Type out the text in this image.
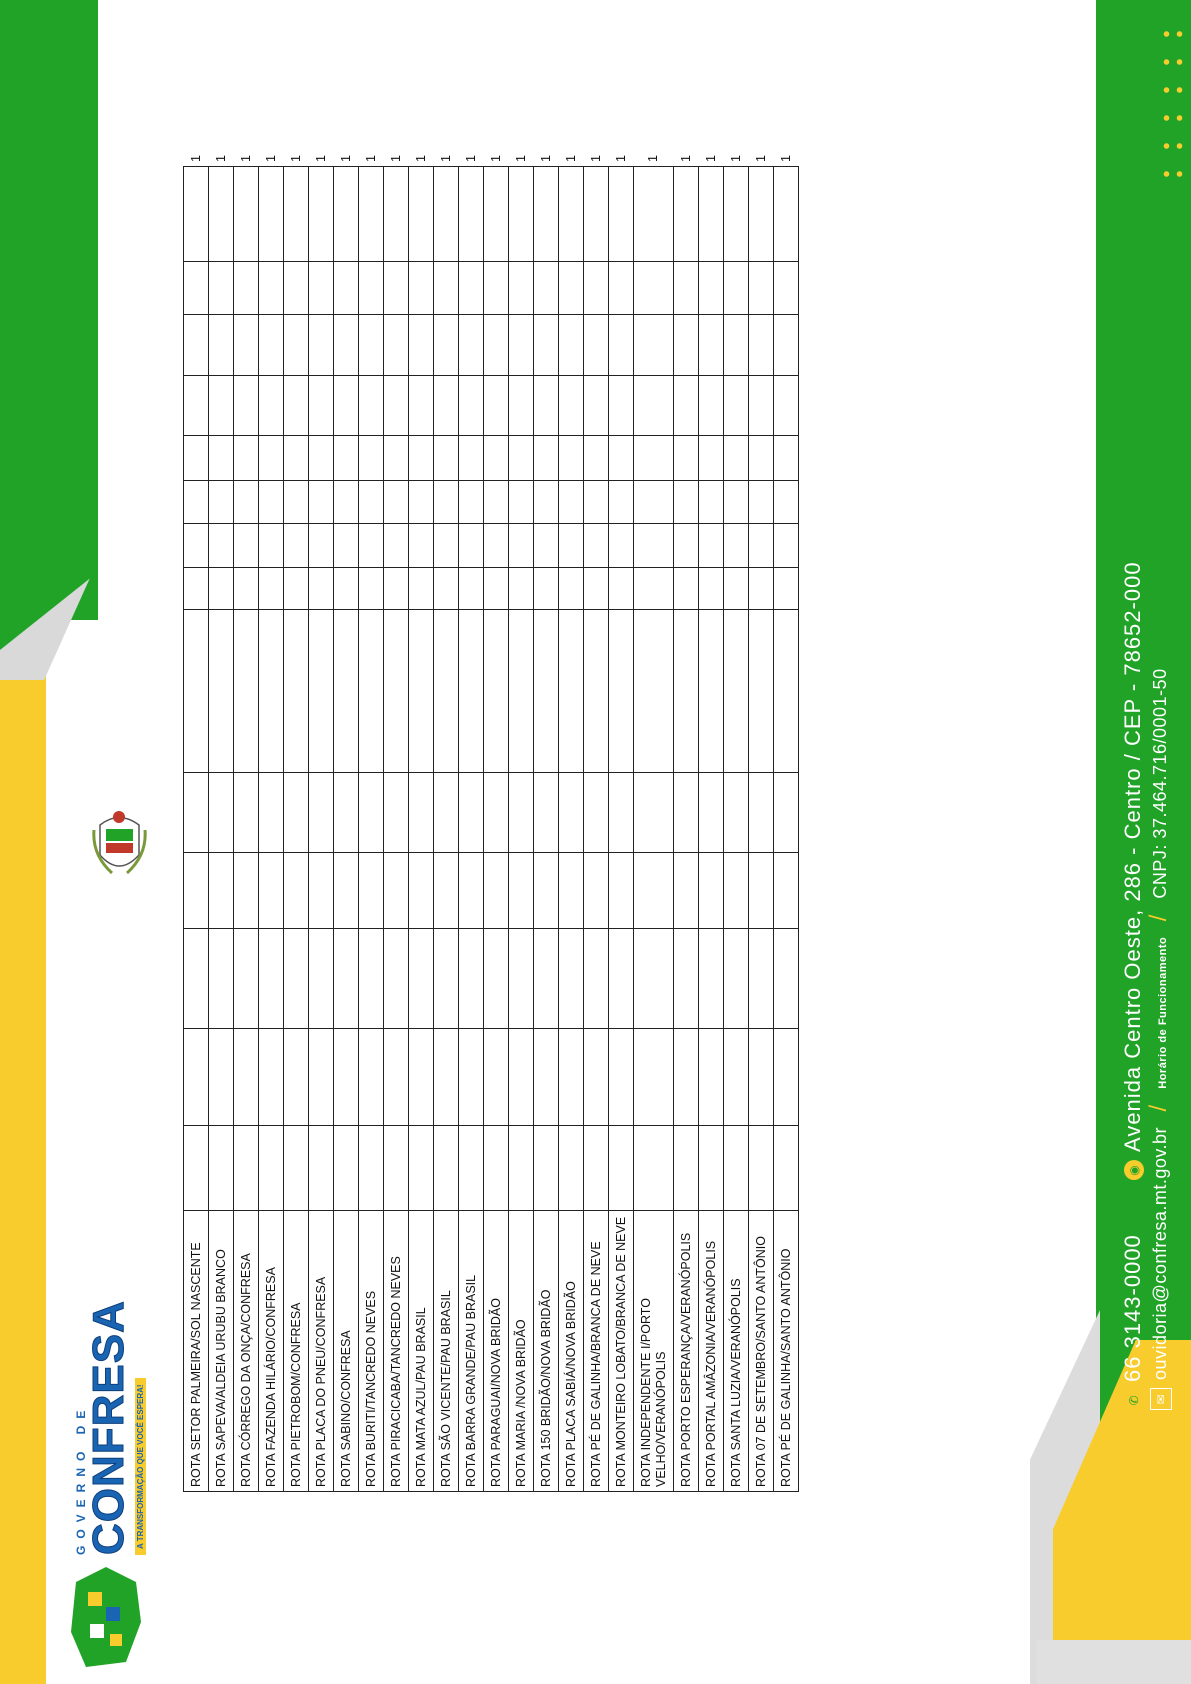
GOVERNO DE
CONFRESA
A TRANSFORMAÇÃO QUE VOCÊ ESPERA!	ROTA SETOR PALMEIRA/SOL NASCENTE															1
ROTA SAPEVA/ALDEIA URUBU BRANCO															1
ROTA CÓRREGO DA ONÇA/CONFRESA															1
ROTA FAZENDA HILÁRIO/CONFRESA															1
ROTA PIETROBOM/CONFRESA															1
ROTA PLACA DO PNEU/CONFRESA															1
ROTA SABINO/CONFRESA															1
ROTA BURITI/TANCREDO NEVES															1
ROTA PIRACICABA/TANCREDO NEVES															1
ROTA MATA AZUL/PAU BRASIL															1
ROTA SÃO VICENTE/PAU BRASIL															1
ROTA BARRA GRANDE/PAU BRASIL															1
ROTA PARAGUAI/NOVA BRIDÃO															1
ROTA MARIA /NOVA BRIDÃO															1
ROTA 150 BRIDÃO/NOVA BRIDÃO															1
ROTA PLACA SABIÁ/NOVA BRIDÃO															1
ROTA PÉ DE GALINHA/BRANCA DE NEVE															1
ROTA MONTEIRO LOBATO/BRANCA DE NEVE															1
ROTA INDEPENDENTE I/PORTO VELHO/VERANÓPOLIS															1
ROTA PORTO ESPERANÇA/VERANÓPOLIS															1
ROTA PORTAL AMÂZONIA/VERANÓPOLIS															1
ROTA SANTA LUZIA/VERANÓPOLIS															1
ROTA 07 DE SETEMBRO/SANTO ANTÔNIO															1
ROTA PÉ DE GALINHA/SANTO ANTÔNIO															1
✆66 3143-0000  ◉Avenida Centro Oeste, 286 - Centro / CEP - 78652-000
✉ouvidoria@confresa.mt.gov.br / Horário de Funcionamento / CNPJ: 37.464.716/0001-50
